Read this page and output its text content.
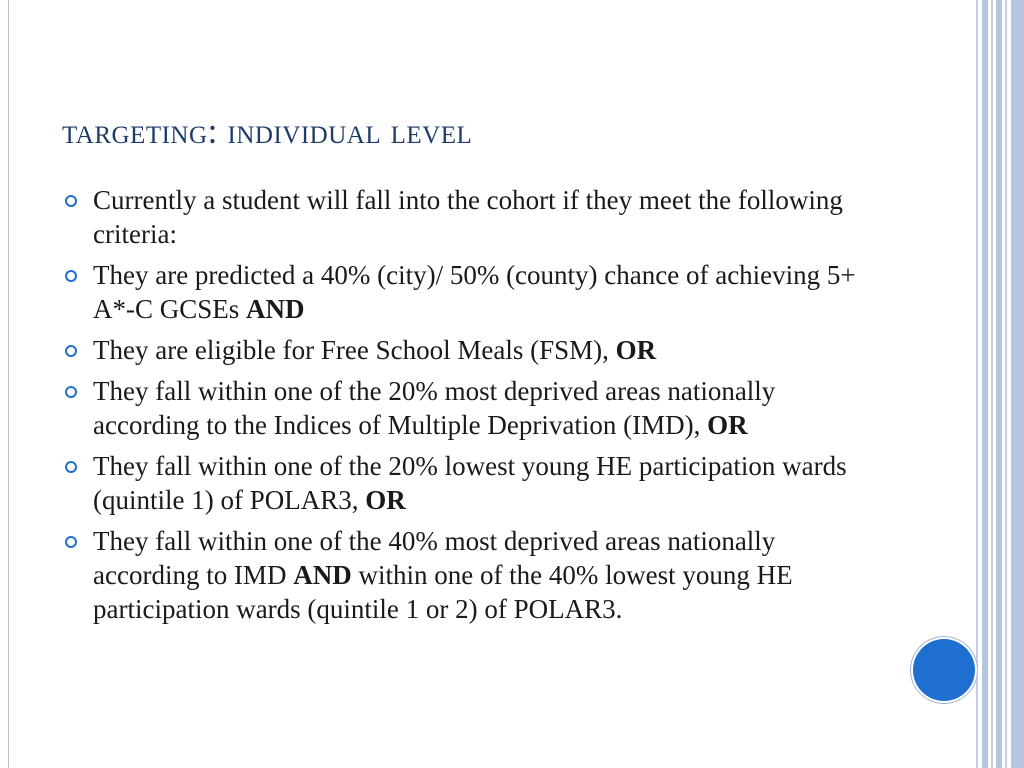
targeting: individual level
Currently a student will fall into the cohort if they meet the following criteria:
They are predicted a 40% (city)/ 50% (county) chance of achieving 5+ A*-C GCSEs AND
They are eligible for Free School Meals (FSM), OR
They fall within one of the 20% most deprived areas nationally according to the Indices of Multiple Deprivation (IMD), OR
They fall within one of the 20% lowest young HE participation wards (quintile 1) of POLAR3, OR
They fall within one of the 40% most deprived areas nationally according to IMD AND within one of the 40% lowest young HE participation wards (quintile 1 or 2) of POLAR3.
